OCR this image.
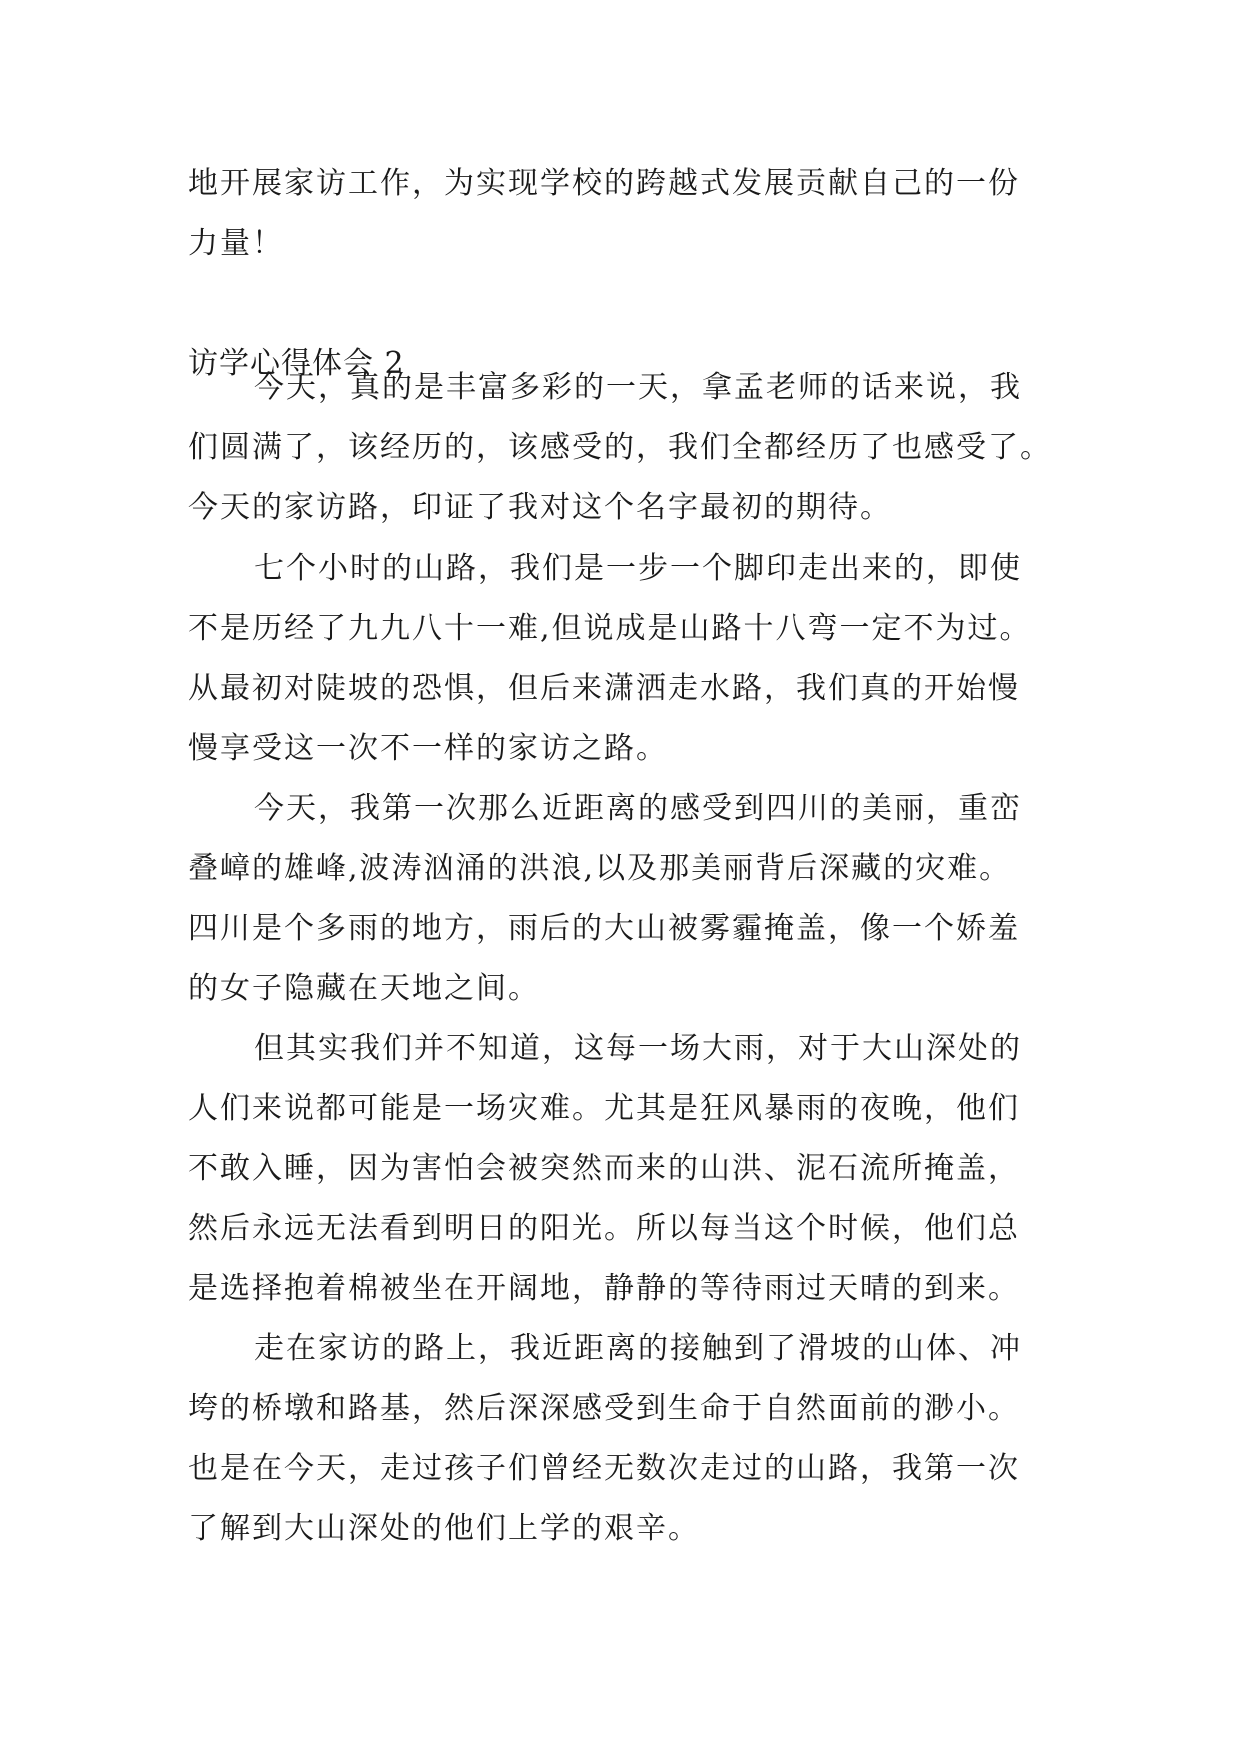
地开展家访工作，为实现学校的跨越式发展贡献自己的一份
力量！
访学心得体会 2
今天，真的是丰富多彩的一天，拿孟老师的话来说，我
们圆满了，该经历的，该感受的，我们全都经历了也感受了。
今天的家访路，印证了我对这个名字最初的期待。
七个小时的山路，我们是一步一个脚印走出来的，即使
不是历经了九九八十一难,但说成是山路十八弯一定不为过。
从最初对陡坡的恐惧，但后来潇洒走水路，我们真的开始慢
慢享受这一次不一样的家访之路。
今天，我第一次那么近距离的感受到四川的美丽，重峦
叠嶂的雄峰,波涛汹涌的洪浪,以及那美丽背后深藏的灾难。
四川是个多雨的地方，雨后的大山被雾霾掩盖，像一个娇羞
的女子隐藏在天地之间。
但其实我们并不知道，这每一场大雨，对于大山深处的
人们来说都可能是一场灾难。尤其是狂风暴雨的夜晚，他们
不敢入睡，因为害怕会被突然而来的山洪、泥石流所掩盖，
然后永远无法看到明日的阳光。所以每当这个时候，他们总
是选择抱着棉被坐在开阔地，静静的等待雨过天晴的到来。
走在家访的路上，我近距离的接触到了滑坡的山体、冲
垮的桥墩和路基，然后深深感受到生命于自然面前的渺小。
也是在今天，走过孩子们曾经无数次走过的山路，我第一次
了解到大山深处的他们上学的艰辛。
